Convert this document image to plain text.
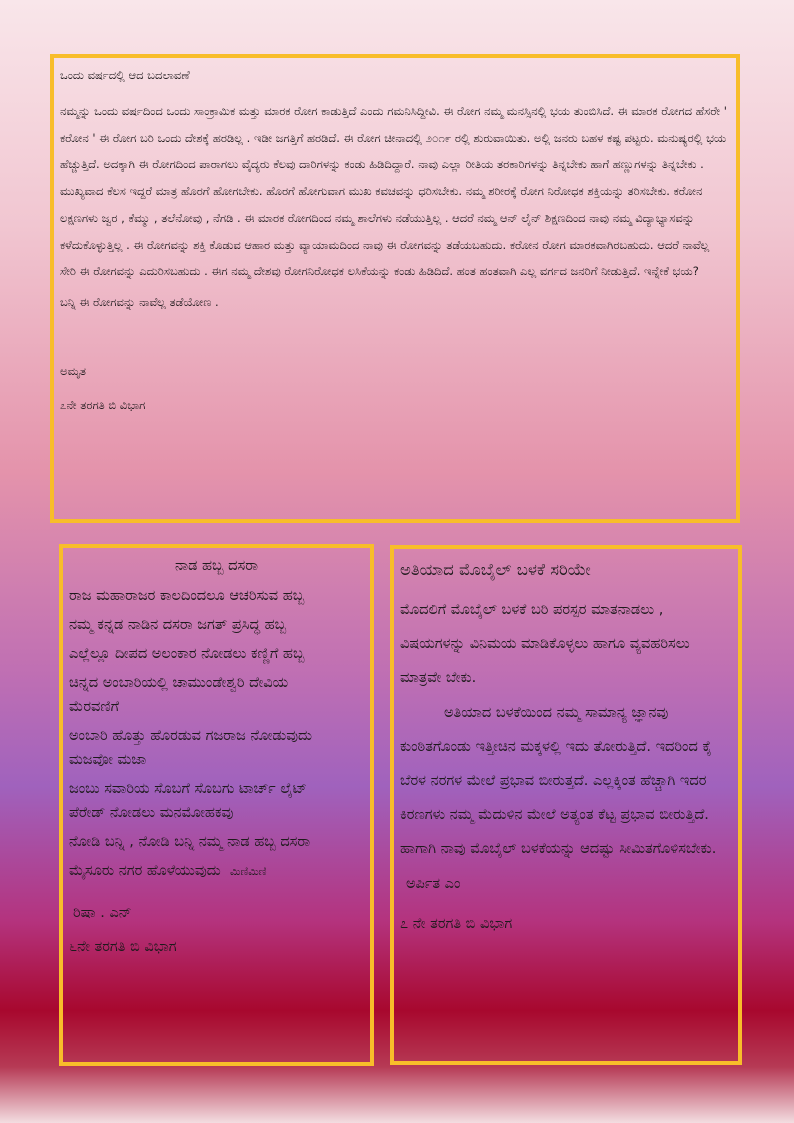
ಒಂದು ವರ್ಷದಲ್ಲಿ ಆದ ಬದಲಾವಣೆ

ನಮ್ಮನ್ನು ಒಂದು ವರ್ಷದಿಂದ ಒಂದು ಸಾಂಕ್ರಾಮಿಕ ಮತ್ತು ಮಾರಕ ರೋಗ ಕಾಡುತ್ತಿದೆ ಎಂದು ಗಮನಿಸಿದ್ದೀವಿ. ಈ ರೋಗ ನಮ್ಮ ಮನಸ್ಸಿನಲ್ಲಿ ಭಯ ತುಂಬಿಸಿದೆ. ಈ ಮಾರಕ ರೋಗದ ಹೆಸರೇ ' ಕರೋನ ' ಈ ರೋಗ ಬರಿ ಒಂದು ದೇಶಕ್ಕೆ ಹರಡಿಲ್ಲ . ಇಡೀ ಜಗತ್ತಿಗೆ ಹರಡಿದೆ. ಈ ರೋಗ ಚೀನಾದಲ್ಲಿ ೨೦೧೯ ರಲ್ಲಿ ಶುರುವಾಯಿತು. ಅಲ್ಲಿ ಜನರು ಬಹಳ ಕಷ್ಟ ಪಟ್ಟರು. ಮನುಷ್ಯರಲ್ಲಿ ಭಯ ಹೆಚ್ಚುತ್ತಿದೆ. ಅದಕ್ಕಾಗಿ ಈ ರೋಗದಿಂದ ಪಾರಾಗಲು ವೈದ್ಯರು ಕೆಲವು ದಾರಿಗಳನ್ನು ಕಂಡು ಹಿಡಿದಿದ್ದಾರೆ. ನಾವು ಎಲ್ಲಾ ರೀತಿಯ ತರಕಾರಿಗಳನ್ನು ತಿನ್ನಬೇಕು ಹಾಗೆ ಹಣ್ಣುಗಳನ್ನು ತಿನ್ನಬೇಕು . ಮುಖ್ಯವಾದ ಕೆಲಸ ಇದ್ದರೆ ಮಾತ್ರ ಹೊರಗೆ ಹೋಗಬೇಕು. ಹೊರಗೆ ಹೋಗುವಾಗ ಮುಖ ಕವಚವನ್ನು ಧರಿಸಬೇಕು. ನಮ್ಮ ಶರೀರಕ್ಕೆ ರೋಗ ನಿರೋಧಕ ಶಕ್ತಿಯನ್ನು ತರಿಸಬೇಕು. ಕರೋನ ಲಕ್ಷಣಗಳು ಜ್ವರ , ಕೆಮ್ಮು , ತಲೆನೋವು , ನೆಗಡಿ . ಈ ಮಾರಕ ರೋಗದಿಂದ ನಮ್ಮ ಶಾಲೆಗಳು ನಡೆಯುತ್ತಿಲ್ಲ . ಆದರೆ ನಮ್ಮ ಆನ್ ಲೈನ್ ಶಿಕ್ಷಣದಿಂದ ನಾವು ನಮ್ಮ ವಿದ್ಯಾಭ್ಯಾಸವನ್ನು ಕಳೆದುಕೊಳ್ಳುತ್ತಿಲ್ಲ . ಈ ರೋಗವನ್ನು ಶಕ್ತಿ ಕೊಡುವ ಆಹಾರ ಮತ್ತು ವ್ಯಾಯಾಮದಿಂದ ನಾವು ಈ ರೋಗವನ್ನು ತಡೆಯಬಹುದು. ಕರೋನ ರೋಗ ಮಾರಕವಾಗಿರಬಹುದು. ಆದರೆ ನಾವೆಲ್ಲ ಸೇರಿ ಈ ರೋಗವನ್ನು ಎದುರಿಸಬಹುದು . ಈಗ ನಮ್ಮ ದೇಶವು ರೋಗನಿರೋಧಕ ಲಸಿಕೆಯನ್ನು ಕಂಡು ಹಿಡಿದಿದೆ. ಹಂತ ಹಂತವಾಗಿ ಎಲ್ಲ ವರ್ಗದ ಜನರಿಗೆ ನೀಡುತ್ತಿದೆ. ಇನ್ನೇಕೆ ಭಯ?

ಬನ್ನಿ ಈ ರೋಗವನ್ನು ನಾವೆಲ್ಲ ತಡೆಯೋಣ .

ಅಮೃತ

೭ನೇ ತರಗತಿ ಬಿ ವಿಭಾಗ

ನಾಡ ಹಬ್ಬ ದಸರಾ

ರಾಜ ಮಹಾರಾಜರ ಕಾಲದಿಂದಲೂ ಆಚರಿಸುವ ಹಬ್ಬ

ನಮ್ಮ ಕನ್ನಡ ನಾಡಿನ ದಸರಾ ಜಗತ್ ಪ್ರಸಿದ್ಧ ಹಬ್ಬ

ಎಲ್ಲೆಲ್ಲೂ ದೀಪದ ಅಲಂಕಾರ ನೋಡಲು ಕಣ್ಣಿಗೆ ಹಬ್ಬ

ಚಿನ್ನದ ಅಂಬಾರಿಯಲ್ಲಿ ಚಾಮುಂಡೇಶ್ವರಿ ದೇವಿಯ

ಮೆರವಣಿಗೆ

ಅಂಬಾರಿ ಹೊತ್ತು ಹೊರಡುವ ಗಜರಾಜ ನೋಡುವುದು

ಮಜವೋ ಮಜಾ

ಜಂಬು ಸವಾರಿಯ ಸೊಬಗೆ ಸೊಬಗು ಟಾರ್ಚ್ ಲೈಟ್

ಪೆರೇಡ್ ನೋಡಲು ಮನಮೋಹಕವು

ನೋಡಿ ಬನ್ನಿ , ನೋಡಿ ಬನ್ನಿ ನಮ್ಮ ನಾಡ ಹಬ್ಬ ದಸರಾ

ಮೈಸೂರು ನಗರ ಹೊಳೆಯುವುದು ಮಿಣಿಮಿಣಿ

ರಿಷಾ . ಎನ್

೬ನೇ ತರಗತಿ ಬಿ ವಿಭಾಗ

ಅತಿಯಾದ ಮೊಬೈಲ್ ಬಳಕೆ ಸರಿಯೇ

ಮೊದಲಿಗೆ ಮೊಬೈಲ್ ಬಳಕೆ ಬರಿ ಪರಸ್ಪರ ಮಾತನಾಡಲು , ವಿಷಯಗಳನ್ನು ವಿನಿಮಯ ಮಾಡಿಕೊಳ್ಳಲು ಹಾಗೂ ವ್ಯವಹರಿಸಲು ಮಾತ್ರವೇ ಬೇಕು.

ಅತಿಯಾದ ಬಳಕೆಯಿಂದ ನಮ್ಮ ಸಾಮಾನ್ಯ ಜ್ಞಾನವು ಕುಂಠಿತಗೊಂಡು ಇತ್ತೀಚಿನ ಮಕ್ಕಳಲ್ಲಿ ಇದು ತೋರುತ್ತಿದೆ. ಇದರಿಂದ ಕೈ ಬೆರಳ ನರಗಳ ಮೇಲೆ ಪ್ರಭಾವ ಬೀರುತ್ತದೆ. ಎಲ್ಲಕ್ಕಿಂತ ಹೆಚ್ಚಾಗಿ ಇದರ ಕಿರಣಗಳು ನಮ್ಮ ಮೆದುಳಿನ ಮೇಲೆ ಅತ್ಯಂತ ಕೆಟ್ಟ ಪ್ರಭಾವ ಬೀರುತ್ತಿದೆ. ಹಾಗಾಗಿ ನಾವು ಮೊಬೈಲ್ ಬಳಕೆಯನ್ನು ಆದಷ್ಟು ಸೀಮಿತಗೊಳಿಸಬೇಕು.

ಅರ್ಪಿತ ಎಂ

೭ ನೇ ತರಗತಿ ಬಿ ವಿಭಾಗ
